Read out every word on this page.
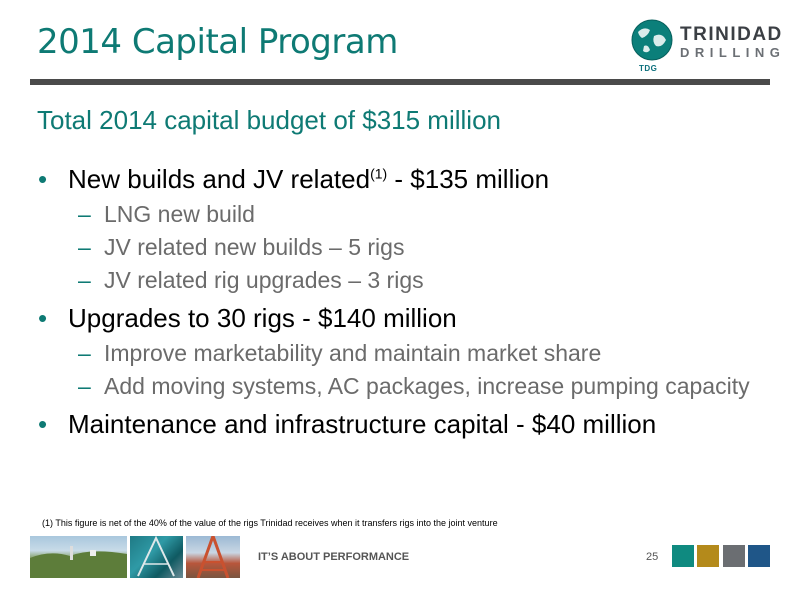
2014 Capital Program	TRINIDAD
DRILLING
TDG
Total 2014 capital budget of $315 million
• New builds and JV related$^{(1)}$ - $135 million
– LNG new build
– JV related new builds – 5 rigs
– JV related rig upgrades – 3 rigs
• Upgrades to 30 rigs - $140 million
– Improve marketability and maintain market share
– Add moving systems, AC packages, increase pumping capacity
• Maintenance and infrastructure capital - $40 million
(1) This figure is net of the 40% of the value of the rigs Trinidad receives when it transfers rigs into the joint venture
IT’S ABOUT PERFORMANCE	25
